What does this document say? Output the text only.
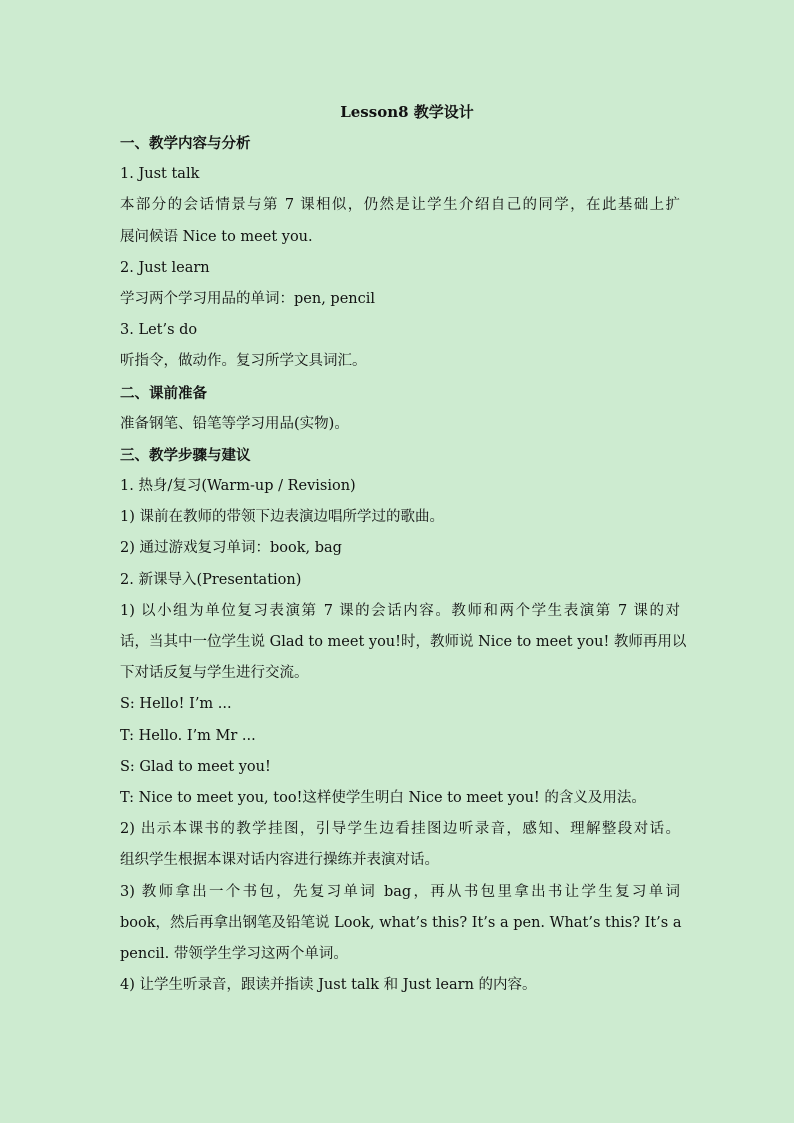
Lesson8 教学设计
一、教学内容与分析
1. Just talk
本部分的会话情景与第 7 课相似，仍然是让学生介绍自己的同学，在此基础上扩
展问候语 Nice to meet you.
2. Just learn
学习两个学习用品的单词：pen, pencil
3. Let’s do
听指令，做动作。复习所学文具词汇。
二、课前准备
准备钢笔、铅笔等学习用品(实物)。
三、教学步骤与建议
1. 热身/复习(Warm-up / Revision)
1) 课前在教师的带领下边表演边唱所学过的歌曲。
2) 通过游戏复习单词：book, bag
2. 新课导入(Presentation)
1) 以小组为单位复习表演第 7 课的会话内容。教师和两个学生表演第 7 课的对
话，当其中一位学生说 Glad to meet you!时，教师说 Nice to meet you! 教师再用以
下对话反复与学生进行交流。
S: Hello! I’m ...
T: Hello. I’m Mr ...
S: Glad to meet you!
T: Nice to meet you, too!这样使学生明白 Nice to meet you! 的含义及用法。
2) 出示本课书的教学挂图，引导学生边看挂图边听录音，感知、理解整段对话。
组织学生根据本课对话内容进行操练并表演对话。
3) 教师拿出一个书包，先复习单词 bag，再从书包里拿出书让学生复习单词
book，然后再拿出钢笔及铅笔说 Look, what’s this? It’s a pen. What’s this? It’s a
pencil. 带领学生学习这两个单词。
4) 让学生听录音，跟读并指读 Just talk 和 Just learn 的内容。
